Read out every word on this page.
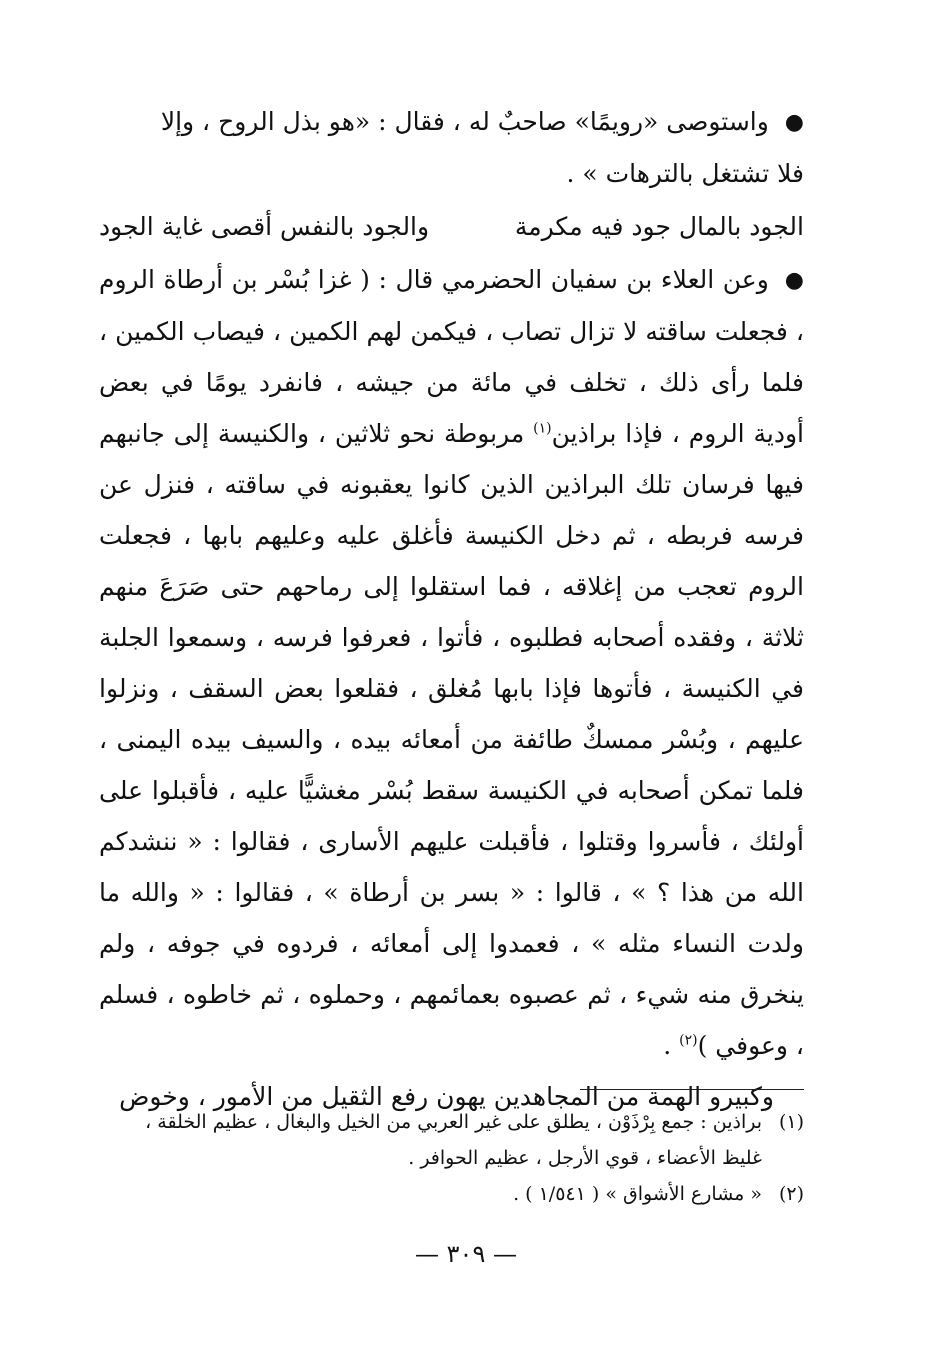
●واستوصى «رويمًا» صاحبٌ له ، فقال : «هو بذل الروح ، وإلا
فلا تشتغل بالترهات » .

الجود بالمال جود فيه مكرمة
والجود بالنفس أقصى غاية الجود

●وعن العلاء بن سفيان الحضرمي قال : ( غزا بُسْر بن أرطاة الروم ، فجعلت ساقته لا تزال تصاب ، فيكمن لهم الكمين ، فيصاب الكمين ، فلما رأى ذلك ، تخلف في مائة من جيشه ، فانفرد يومًا في بعض أودية الروم ، فإذا براذين$^{(١)}$ مربوطة نحو ثلاثين ، والكنيسة إلى جانبهم فيها فرسان تلك البراذين الذين كانوا يعقبونه في ساقته ، فنزل عن فرسه فربطه ، ثم دخل الكنيسة فأغلق عليه وعليهم بابها ، فجعلت الروم تعجب من إغلاقه ، فما استقلوا إلى رماحهم حتى صَرَعَ منهم ثلاثة ، وفقده أصحابه فطلبوه ، فأتوا ، فعرفوا فرسه ، وسمعوا الجلبة في الكنيسة ، فأتوها فإذا بابها مُغلق ، فقلعوا بعض السقف ، ونزلوا عليهم ، وبُسْر ممسكٌ طائفة من أمعائه بيده ، والسيف بيده اليمنى ، فلما تمكن أصحابه في الكنيسة سقط بُسْر مغشيًّا عليه ، فأقبلوا على أولئك ، فأسروا وقتلوا ، فأقبلت عليهم الأسارى ، فقالوا : « ننشدكم الله من هذا ؟ » ، قالوا : « بسر بن أرطاة » ، فقالوا : « والله ما ولدت النساء مثله » ، فعمدوا إلى أمعائه ، فردوه في جوفه ، ولم ينخرق منه شيء ، ثم عصبوه بعمائمهم ، وحملوه ، ثم خاطوه ، فسلم ، وعوفي )$^{(٢)}$ .

وكبيرو الهمة من المجاهدين يهون رفع الثقيل من الأمور ، وخوض

(١)براذين : جمع بِرْذَوْن ، يطلق على غير العربي من الخيل والبغال ، عظيم الخلقة ،

غليظ الأعضاء ، قوي الأرجل ، عظيم الحوافر .

(٢)« مشارع الأشواق » ( ١/٥٤١ ) .

— ٣٠٩ —
